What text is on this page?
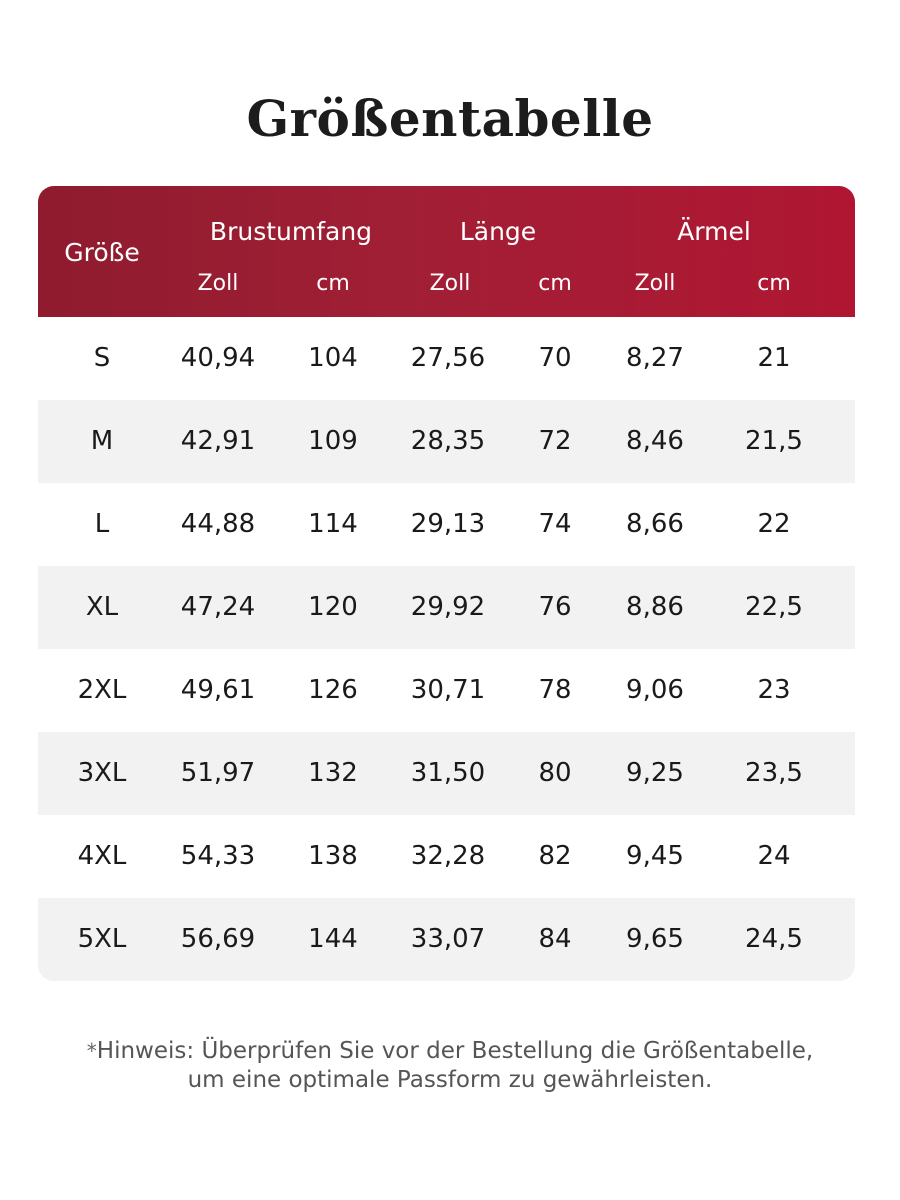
Größentabelle
Größe
Brustumfang
Zoll	cm
Länge
Zoll	cm
Ärmel
Zoll	cm
S	40,94	104	27,56	70	8,27	21
M	42,91	109	28,35	72	8,46	21,5
L	44,88	114	29,13	74	8,66	22
XL	47,24	120	29,92	76	8,86	22,5
2XL	49,61	126	30,71	78	9,06	23
3XL	51,97	132	31,50	80	9,25	23,5
4XL	54,33	138	32,28	82	9,45	24
5XL	56,69	144	33,07	84	9,65	24,5
*Hinweis: Überprüfen Sie vor der Bestellung die Größentabelle,
um eine optimale Passform zu gewährleisten.
